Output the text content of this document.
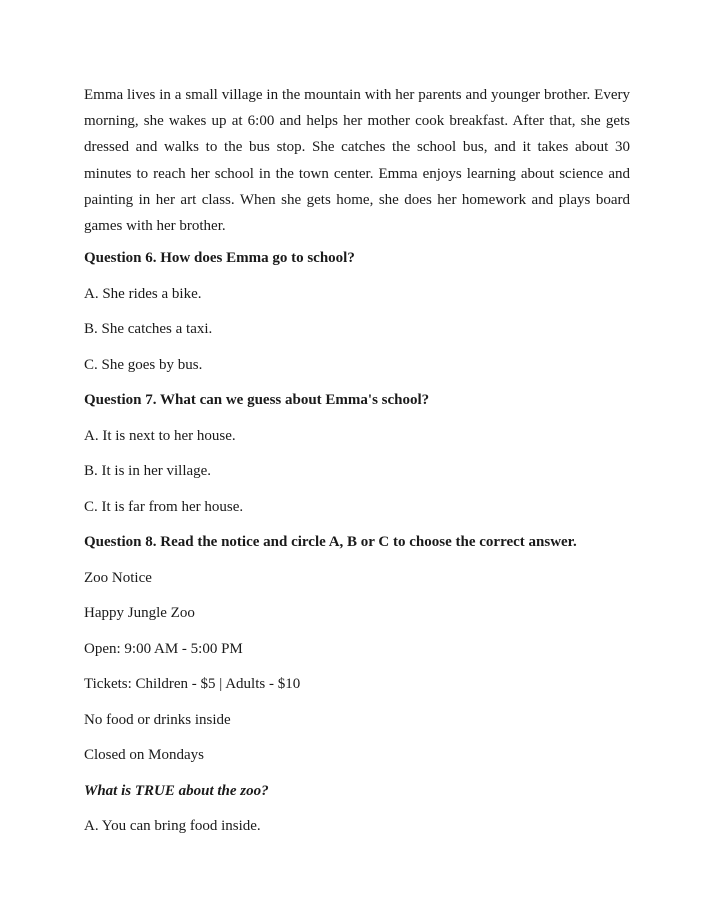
Emma lives in a small village in the mountain with her parents and younger brother. Every morning, she wakes up at 6:00 and helps her mother cook breakfast. After that, she gets dressed and walks to the bus stop. She catches the school bus, and it takes about 30 minutes to reach her school in the town center. Emma enjoys learning about science and painting in her art class. When she gets home, she does her homework and plays board games with her brother.

Question 6. How does Emma go to school?

A. She rides a bike.

B. She catches a taxi.

C. She goes by bus.

Question 7. What can we guess about Emma's school?

A. It is next to her house.

B. It is in her village.

C. It is far from her house.

Question 8. Read the notice and circle A, B or C to choose the correct answer.

Zoo Notice

Happy Jungle Zoo

Open: 9:00 AM - 5:00 PM

Tickets: Children - $5 | Adults - $10

No food or drinks inside

Closed on Mondays

What is TRUE about the zoo?

A. You can bring food inside.
